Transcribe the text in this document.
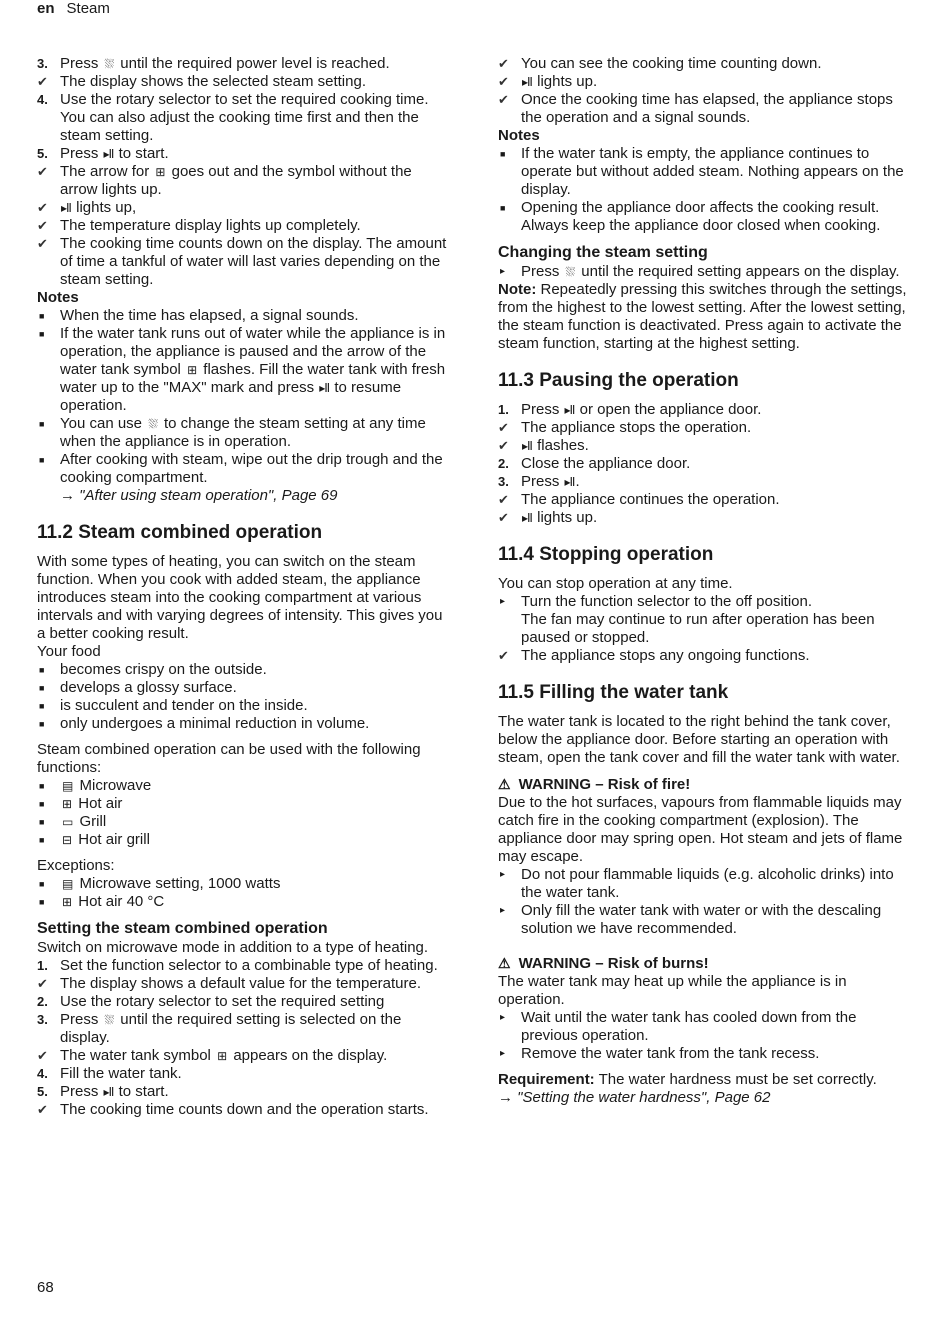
en Steam
3. Press ⛆ until the required power level is reached.
✔ The display shows the selected steam setting.
4. Use the rotary selector to set the required cooking time.
You can also adjust the cooking time first and then the steam setting.
5. Press ▸Ⅱ to start.
✔ The arrow for ⊞ goes out and the symbol without the arrow lights up.
✔	▸Ⅱ lights up,
✔ The temperature display lights up completely.
✔ The cooking time counts down on the display. The amount of time a tankful of water will last varies depending on the steam setting.
Notes
■	When the time has elapsed, a signal sounds.
■	If the water tank runs out of water while the appliance is in operation, the appliance is paused and the arrow of the water tank symbol ⊞ flashes. Fill the water tank with fresh water up to the "MAX" mark and press ▸Ⅱ to resume operation.
■	You can use ⛆ to change the steam setting at any time when the appliance is in operation.
■	After cooking with steam, wipe out the drip trough and the cooking compartment.
→ "After using steam operation", Page 69
11.2 Steam combined operation
With some types of heating, you can switch on the steam function. When you cook with added steam, the appliance introduces steam into the cooking compartment at various intervals and with varying degrees of intensity. This gives you a better cooking result.
Your food
■	becomes crispy on the outside.
■	develops a glossy surface.
■	is succulent and tender on the inside.
■	only undergoes a minimal reduction in volume.
Steam combined operation can be used with the following functions:
■	▤ Microwave
■	⊞ Hot air
■	▭ Grill
■	⊟ Hot air grill
Exceptions:
■	▤ Microwave setting, 1000 watts
■	⊞ Hot air 40 °C
Setting the steam combined operation
Switch on microwave mode in addition to a type of heating.
1. Set the function selector to a combinable type of heating.
✔ The display shows a default value for the temperature.
2. Use the rotary selector to set the required setting
3. Press ⛆ until the required setting is selected on the display.
✔ The water tank symbol ⊞ appears on the display.
4. Fill the water tank.
5. Press ▸Ⅱ to start.
✔ The cooking time counts down and the operation starts.
✔ You can see the cooking time counting down.
✔	▸Ⅱ lights up.
✔ Once the cooking time has elapsed, the appliance stops the operation and a signal sounds.
Notes
■	If the water tank is empty, the appliance continues to operate but without added steam. Nothing appears on the display.
■	Opening the appliance door affects the cooking result. Always keep the appliance door closed when cooking.
Changing the steam setting
▸	Press ⛆ until the required setting appears on the display.
Note: Repeatedly pressing this switches through the settings, from the highest to the lowest setting. After the lowest setting, the steam function is deactivated. Press again to activate the steam function, starting at the highest setting.
11.3 Pausing the operation
1. Press ▸Ⅱ or open the appliance door.
✔ The appliance stops the operation.
✔	▸Ⅱ flashes.
2. Close the appliance door.
3. Press ▸Ⅱ.
✔ The appliance continues the operation.
✔	▸Ⅱ lights up.
11.4 Stopping operation
You can stop operation at any time.
▸	Turn the function selector to the off position.
The fan may continue to run after operation has been paused or stopped.
✔ The appliance stops any ongoing functions.
11.5 Filling the water tank
The water tank is located to the right behind the tank cover, below the appliance door. Before starting an operation with steam, open the tank cover and fill the water tank with water.
⚠ WARNING – Risk of fire!
Due to the hot surfaces, vapours from flammable liquids may catch fire in the cooking compartment (explosion). The appliance door may spring open. Hot steam and jets of flame may escape.
▸	Do not pour flammable liquids (e.g. alcoholic drinks) into the water tank.
▸	Only fill the water tank with water or with the descaling solution we have recommended.
⚠ WARNING – Risk of burns!
The water tank may heat up while the appliance is in operation.
▸	Wait until the water tank has cooled down from the previous operation.
▸	Remove the water tank from the tank recess.
Requirement: The water hardness must be set correctly.
→ "Setting the water hardness", Page 62
68
